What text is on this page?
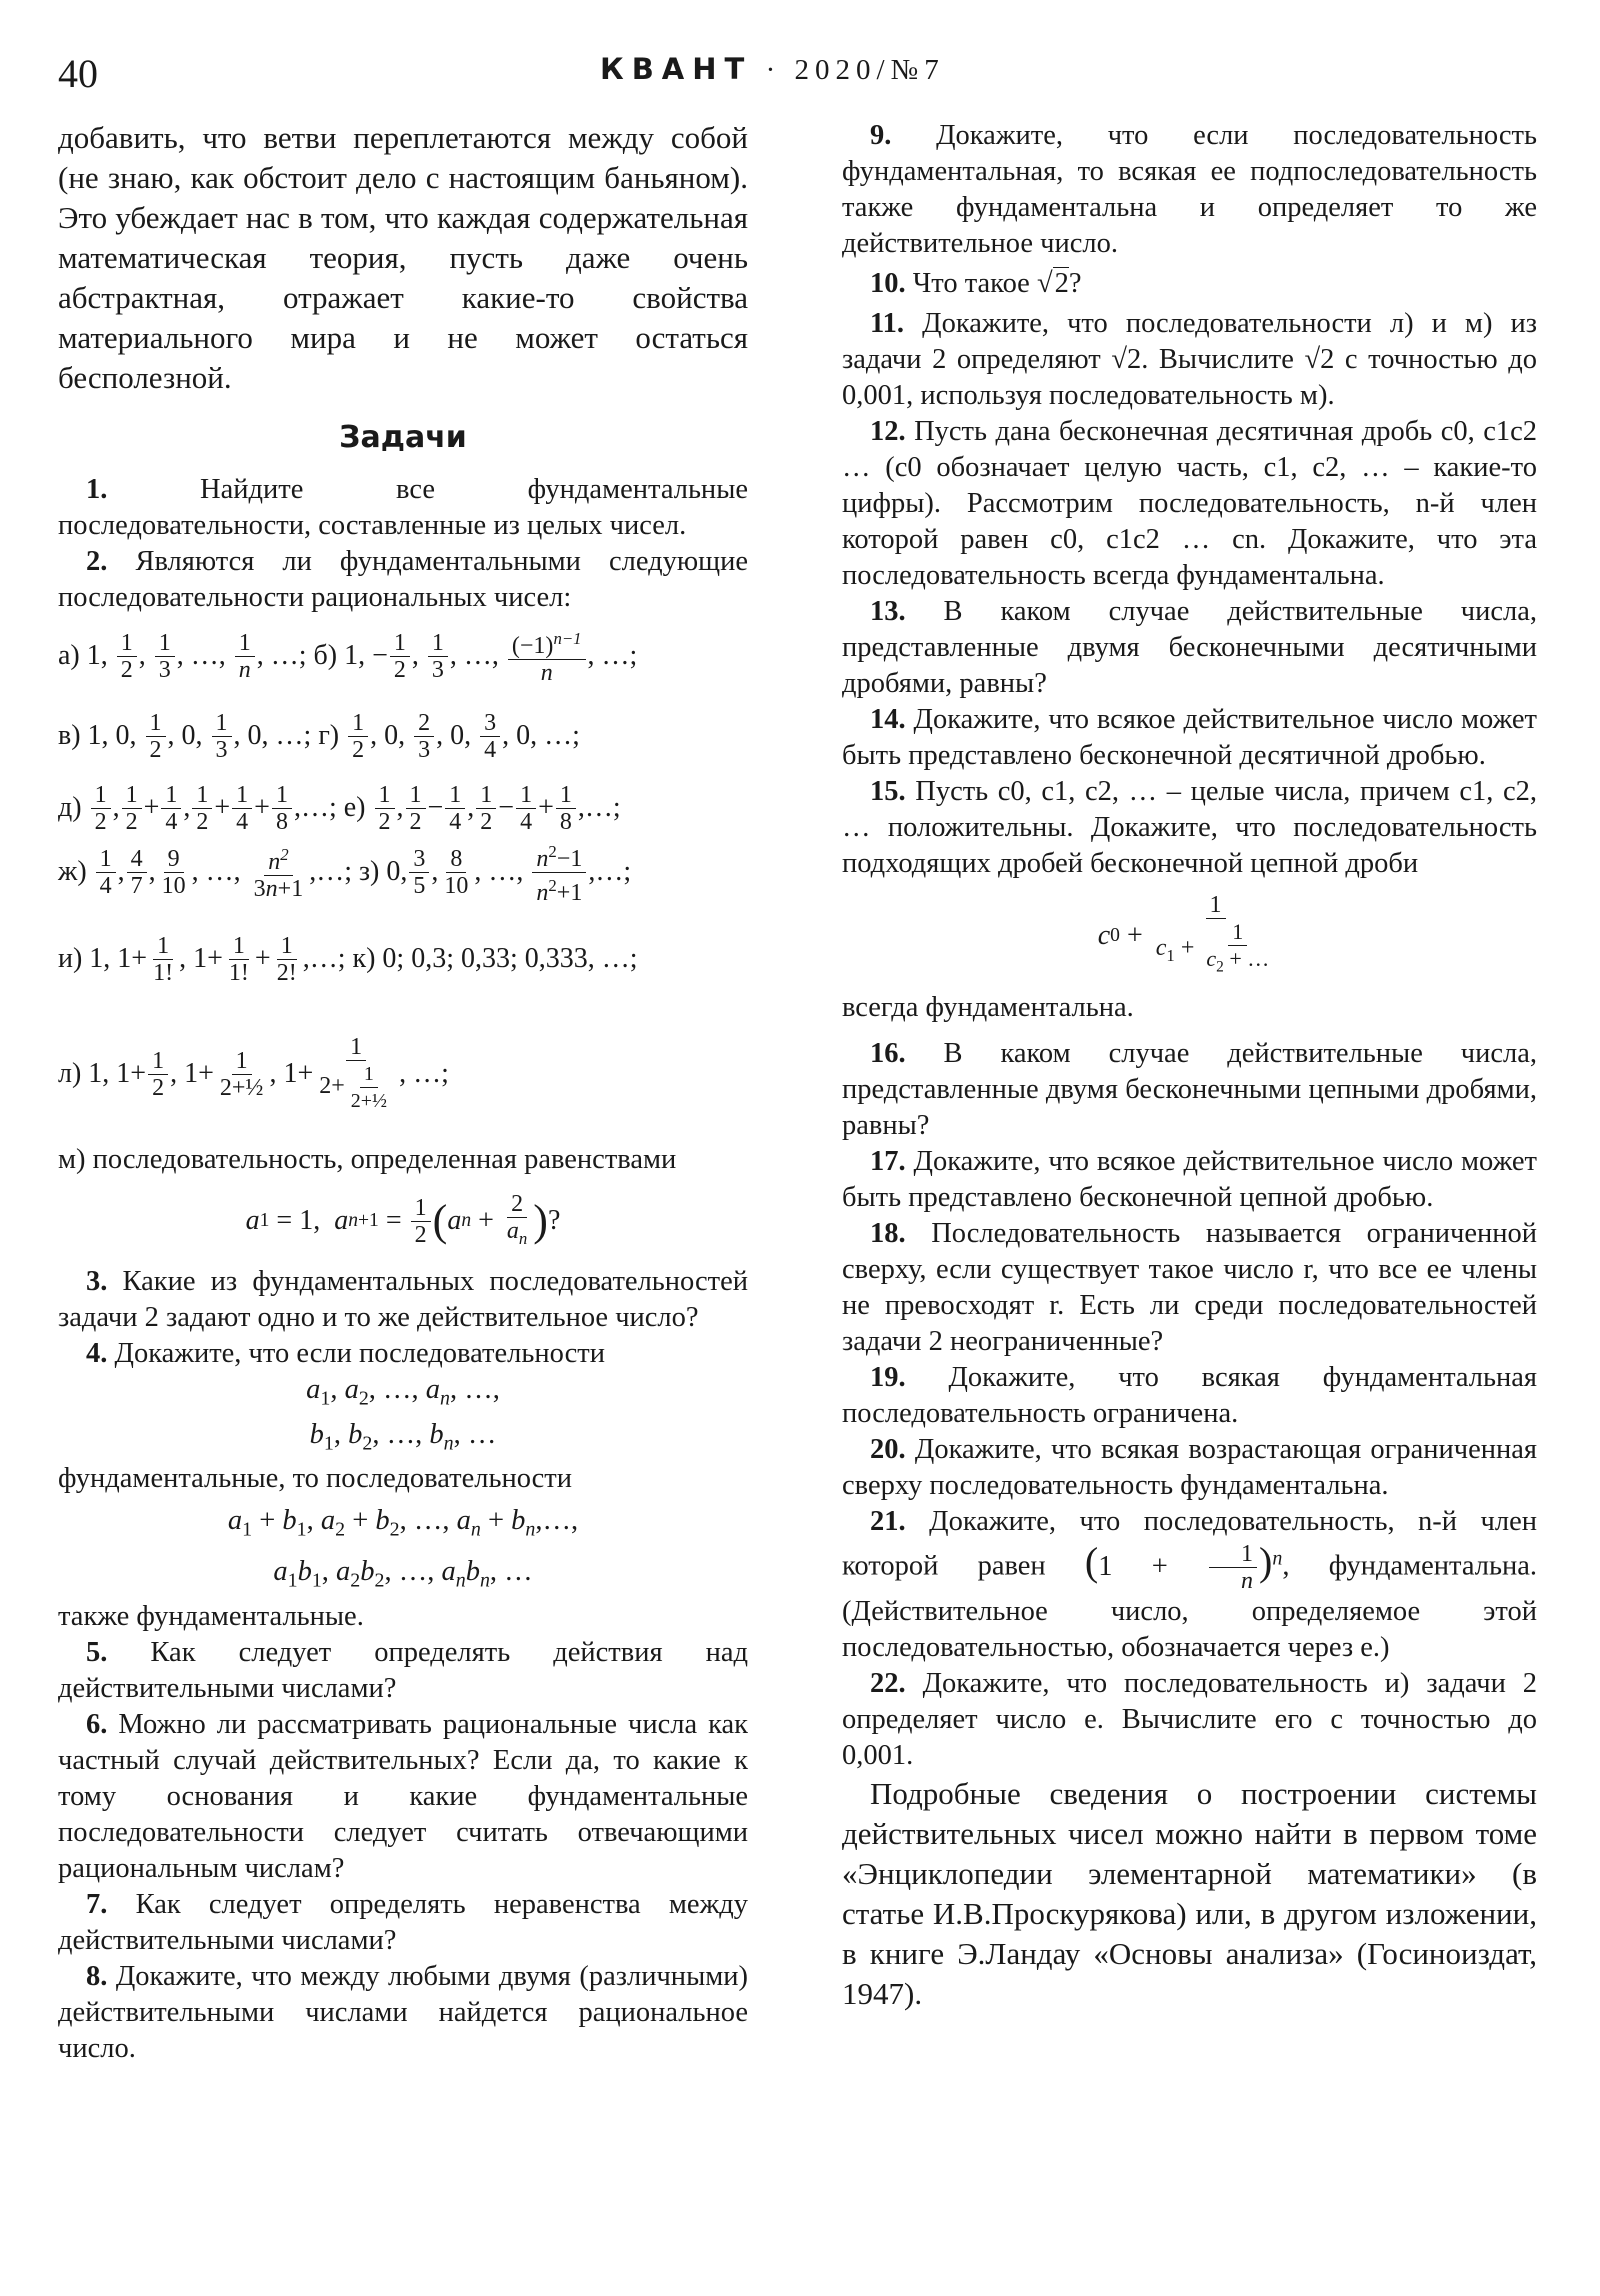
40	КВАНТ · 2020/№7

добавить, что ветви переплетаются между собой (не знаю, как обстоит дело с настоящим баньяном). Это убеждает нас в том, что каждая содержательная математическая теория, пусть даже очень абстрактная, отражает какие-то свойства материального мира и не может остаться бесполезной.

Задачи

1.	Найдите все фундаментальные последовательности, составленные из целых чисел.

2. Являются ли фундаментальными следующие последовательности рациональных чисел:

а) 1, $\frac{1}{2}$ , $\frac{1}{3}$ , …, $\frac{1}{n}$ , …; б) 1, − $\frac{1}{2}$ , $\frac{1}{3}$ , …, $\frac{(-1)^{n-1}}{n}$ , …;
в) 1, 0, $\frac{1}{2}$ , 0, $\frac{1}{3}$ , 0, …; $г) \frac{1}{2}$ , 0, $\frac{2}{3}$ , 0, $\frac{3}{4}$ , 0, …;
$д) \frac{1}{2}$ , $\frac{1}{2} + \frac{1}{4}$ , $\frac{1}{2} + \frac{1}{4} + \frac{1}{8}$ ,…; $е) \frac{1}{2}$ , $\frac{1}{2} - \frac{1}{4}$ , $\frac{1}{2} - \frac{1}{4} + \frac{1}{8}$ ,…;
$ж) \frac{1}{4}$ , $\frac{4}{7}$ , $\frac{9}{10}$ , …, $\frac{n^2}{3n+1}$ ,…; з) 0, $\frac{3}{5}$ , $\frac{8}{10}$ , …, $\frac{n^2-1}{n^2+1}$ ,…;
и) 1, $1+ \frac{1}{1!}$ , $1+ \frac{1}{1!} + \frac{1}{2!}$ ,…; к) 0; 0,3; 0,33; 0,333, …;
л) 1, $1+ \frac{1}{2}$ , $1+ \frac{1}{\text{2+½}}$ , $1+ \frac{1}{2+ \frac{1}{\text{2+½}}}$ , …;

м) последовательность, определенная равенствами

a 1 = 1, a $n+1 = \frac{1}{2}$ ( a $n + \frac{2}{a_n}$ ) ?

3. Какие из фундаментальных последовательностей задачи 2 задают одно и то же действительное число?

4. Докажите, что если последовательности

$a_1$, $a_2$, …, $a_n$, …,
$b_1$, $b_2$, …, $b_n$, …

фундаментальные, то последовательности

$a_1 + b_1$, $a_2 + b_2$, …, $a_n$ + $b_n,\dots$,
$a_1b_1$, $a_2b_2$, …, $a_nb_n$, …

также фундаментальные.

5. Как следует определять действия над действительными числами?

6. Можно ли рассматривать рациональные числа как частный случай действительных? Если да, то какие к тому основания и какие фундаментальные последовательности следует считать отвечающими рациональным числам?

7. Как следует определять неравенства между действительными числами?

8. Докажите, что между любыми двумя (различными) действительными числами найдется рациональное число.

9. Докажите, что если последовательность фундаментальная, то всякая ее подпоследовательность также фундаментальна и определяет то же действительное число.

10. Что такое √2?

11. Докажите, что последовательности л) и м) из задачи 2 определяют √2. Вычислите √2 с точностью до 0,001, используя последовательность м).

12. Пусть дана бесконечная десятичная дробь c0, c1c2 … (c0 обозначает целую часть, c1, c2, … – какие-то цифры). Рассмотрим последовательность, n-й член которой равен c0, c1c2 … cn. Докажите, что эта последовательность всегда фундаментальна.

13. В каком случае действительные числа, представленные двумя бесконечными десятичными дробями, равны?

14. Докажите, что всякое действительное число может быть представлено бесконечной десятичной дробью.

15. Пусть c0, c1, c2, … – целые числа, причем c1, c2, … положительны. Докажите, что последовательность подходящих дробей бесконечной цепной дроби

c $0 + \frac{1}{c_1 + \frac{1}{c_2 + \dots}}$

всегда фундаментальна.

16. В каком случае действительные числа, представленные двумя бесконечными цепными дробями, равны?

17. Докажите, что всякое действительное число может быть представлено бесконечной цепной дробью.

18. Последовательность называется ограниченной сверху, если существует такое число r, что все ее члены не превосходят r. Есть ли среди последовательностей задачи 2 неограниченные?

19. Докажите, что всякая фундаментальная последовательность ограничена.

20. Докажите, что всякая возрастающая ограниченная сверху последовательность фундаментальна.

21. Докажите, что последовательность, n-й член которой равен $(1 + \frac{1}{n} )^n$, фундаментальна. (Действительное число, определяемое этой последовательностью, обозначается через e.)

22. Докажите, что последовательность и) задачи 2 определяет число e. Вычислите его с точностью до 0,001.

Подробные сведения о построении системы действительных чисел можно найти в первом томе «Энциклопедии элементарной математики» (в статье И.В.Проскурякова) или, в другом изложении, в книге Э.Ландау «Основы анализа» (Госиноиздат, 1947).
